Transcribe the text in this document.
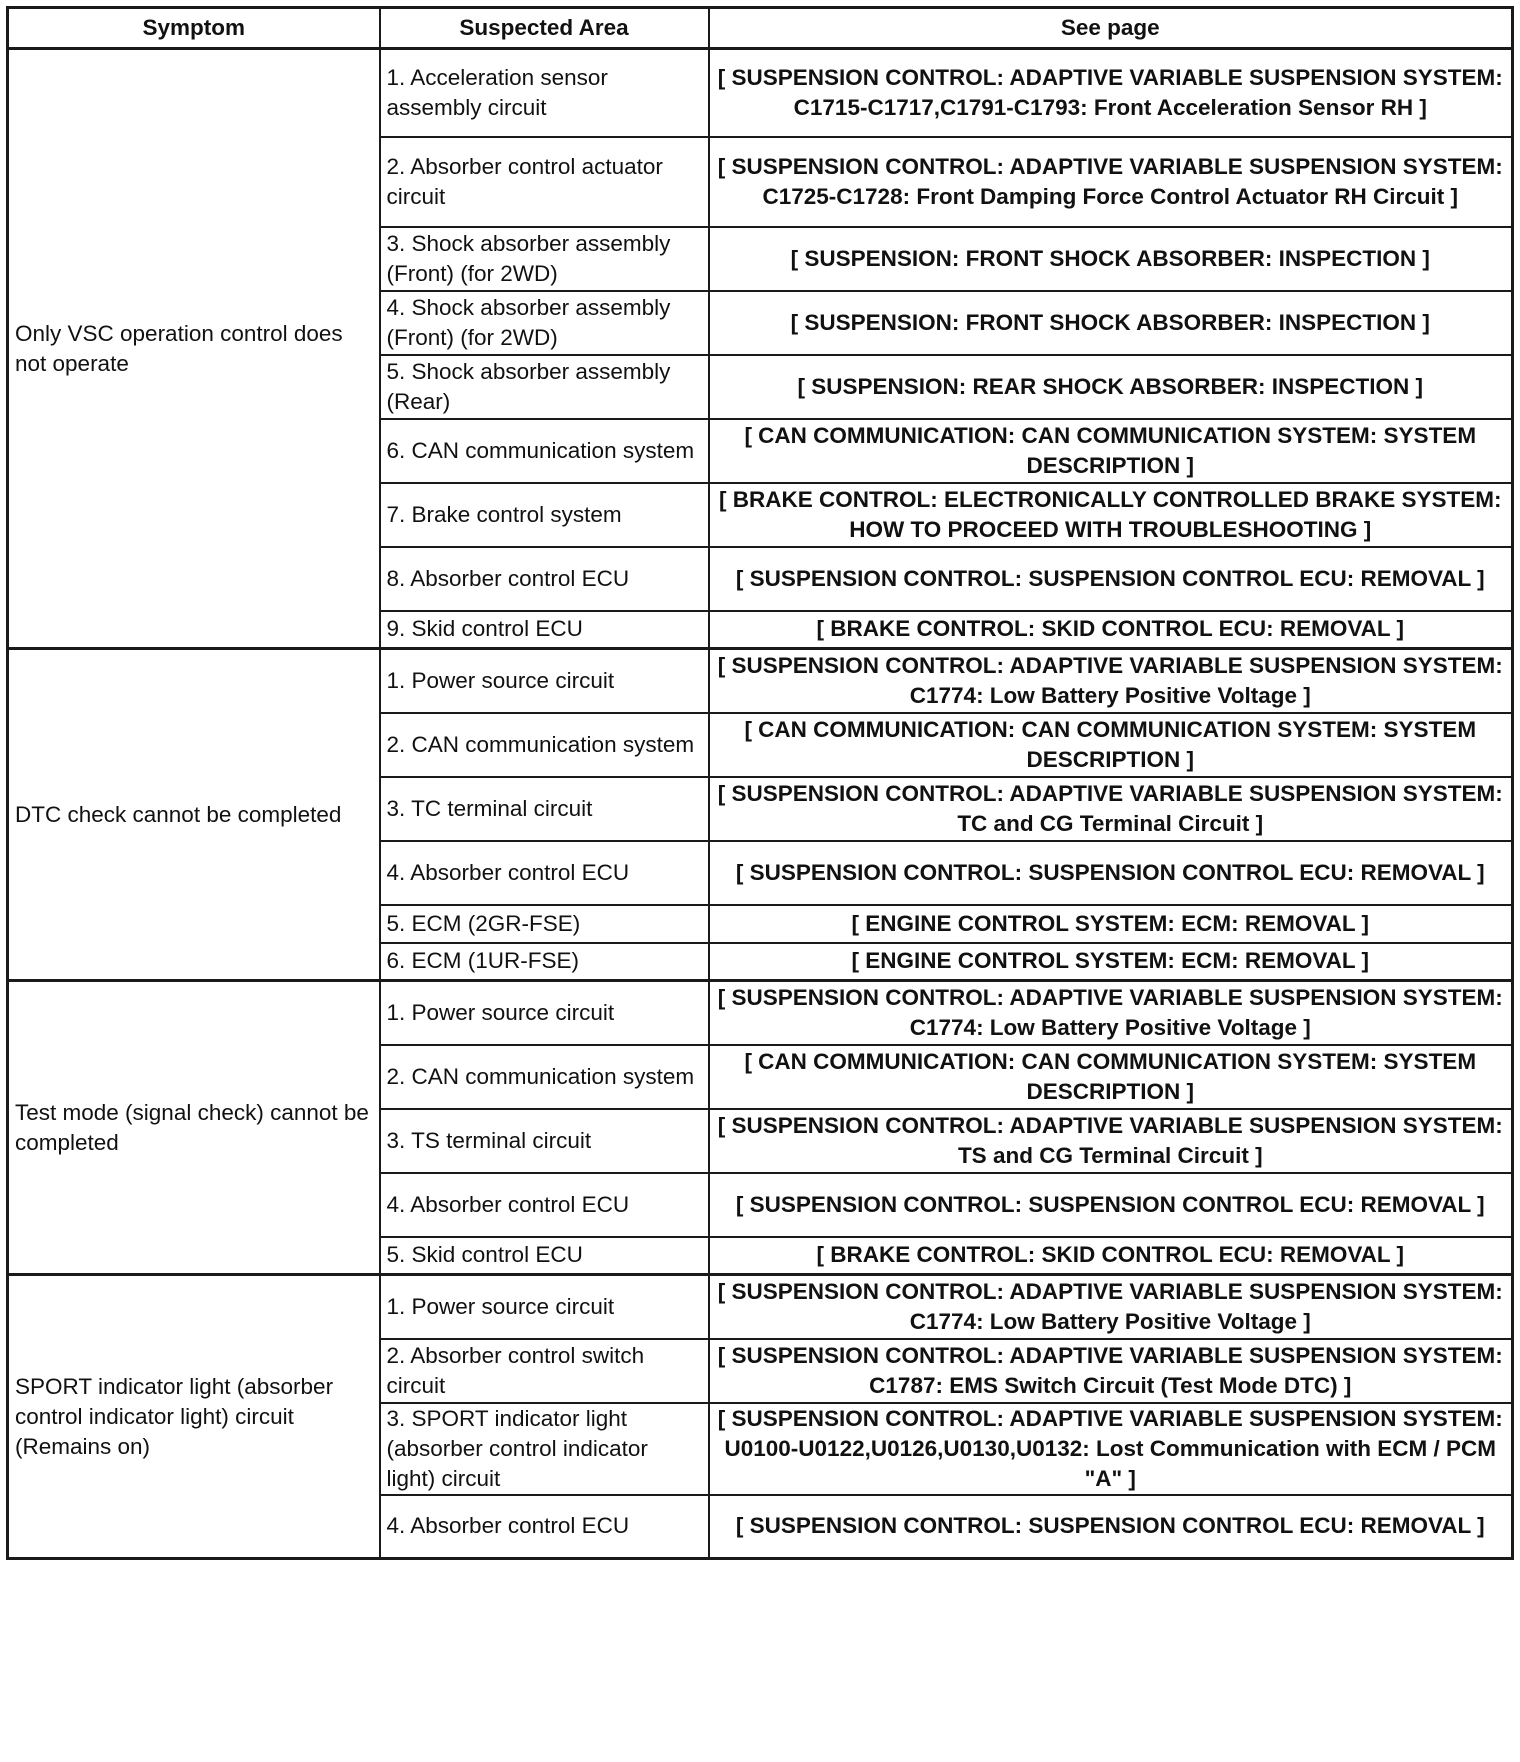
Symptom	Suspected Area	See page
Only VSC operation control does not operate	1. Acceleration sensor assembly circuit	[ SUSPENSION CONTROL: ADAPTIVE VARIABLE SUSPENSION SYSTEM: C1715-C1717,C1791-C1793: Front Acceleration Sensor RH ]
	2. Absorber control actuator circuit	[ SUSPENSION CONTROL: ADAPTIVE VARIABLE SUSPENSION SYSTEM: C1725-C1728: Front Damping Force Control Actuator RH Circuit ]
	3. Shock absorber assembly (Front) (for 2WD)	[ SUSPENSION: FRONT SHOCK ABSORBER: INSPECTION ]
	4. Shock absorber assembly (Front) (for 2WD)	[ SUSPENSION: FRONT SHOCK ABSORBER: INSPECTION ]
	5. Shock absorber assembly (Rear)	[ SUSPENSION: REAR SHOCK ABSORBER: INSPECTION ]
	6. CAN communication system	[ CAN COMMUNICATION: CAN COMMUNICATION SYSTEM: SYSTEM DESCRIPTION ]
	7. Brake control system	[ BRAKE CONTROL: ELECTRONICALLY CONTROLLED BRAKE SYSTEM: HOW TO PROCEED WITH TROUBLESHOOTING ]
	8. Absorber control ECU	[ SUSPENSION CONTROL: SUSPENSION CONTROL ECU: REMOVAL ]
	9. Skid control ECU	[ BRAKE CONTROL: SKID CONTROL ECU: REMOVAL ]
DTC check cannot be completed	1. Power source circuit	[ SUSPENSION CONTROL: ADAPTIVE VARIABLE SUSPENSION SYSTEM: C1774: Low Battery Positive Voltage ]
	2. CAN communication system	[ CAN COMMUNICATION: CAN COMMUNICATION SYSTEM: SYSTEM DESCRIPTION ]
	3. TC terminal circuit	[ SUSPENSION CONTROL: ADAPTIVE VARIABLE SUSPENSION SYSTEM: TC and CG Terminal Circuit ]
	4. Absorber control ECU	[ SUSPENSION CONTROL: SUSPENSION CONTROL ECU: REMOVAL ]
	5. ECM (2GR-FSE)	[ ENGINE CONTROL SYSTEM: ECM: REMOVAL ]
	6. ECM (1UR-FSE)	[ ENGINE CONTROL SYSTEM: ECM: REMOVAL ]
Test mode (signal check) cannot be completed	1. Power source circuit	[ SUSPENSION CONTROL: ADAPTIVE VARIABLE SUSPENSION SYSTEM: C1774: Low Battery Positive Voltage ]
	2. CAN communication system	[ CAN COMMUNICATION: CAN COMMUNICATION SYSTEM: SYSTEM DESCRIPTION ]
	3. TS terminal circuit	[ SUSPENSION CONTROL: ADAPTIVE VARIABLE SUSPENSION SYSTEM: TS and CG Terminal Circuit ]
	4. Absorber control ECU	[ SUSPENSION CONTROL: SUSPENSION CONTROL ECU: REMOVAL ]
	5. Skid control ECU	[ BRAKE CONTROL: SKID CONTROL ECU: REMOVAL ]
SPORT indicator light (absorber control indicator light) circuit (Remains on)	1. Power source circuit	[ SUSPENSION CONTROL: ADAPTIVE VARIABLE SUSPENSION SYSTEM: C1774: Low Battery Positive Voltage ]
	2. Absorber control switch circuit	[ SUSPENSION CONTROL: ADAPTIVE VARIABLE SUSPENSION SYSTEM: C1787: EMS Switch Circuit (Test Mode DTC) ]
	3. SPORT indicator light (absorber control indicator light) circuit	[ SUSPENSION CONTROL: ADAPTIVE VARIABLE SUSPENSION SYSTEM: U0100-U0122,U0126,U0130,U0132: Lost Communication with ECM / PCM "A" ]
	4. Absorber control ECU	[ SUSPENSION CONTROL: SUSPENSION CONTROL ECU: REMOVAL ]
